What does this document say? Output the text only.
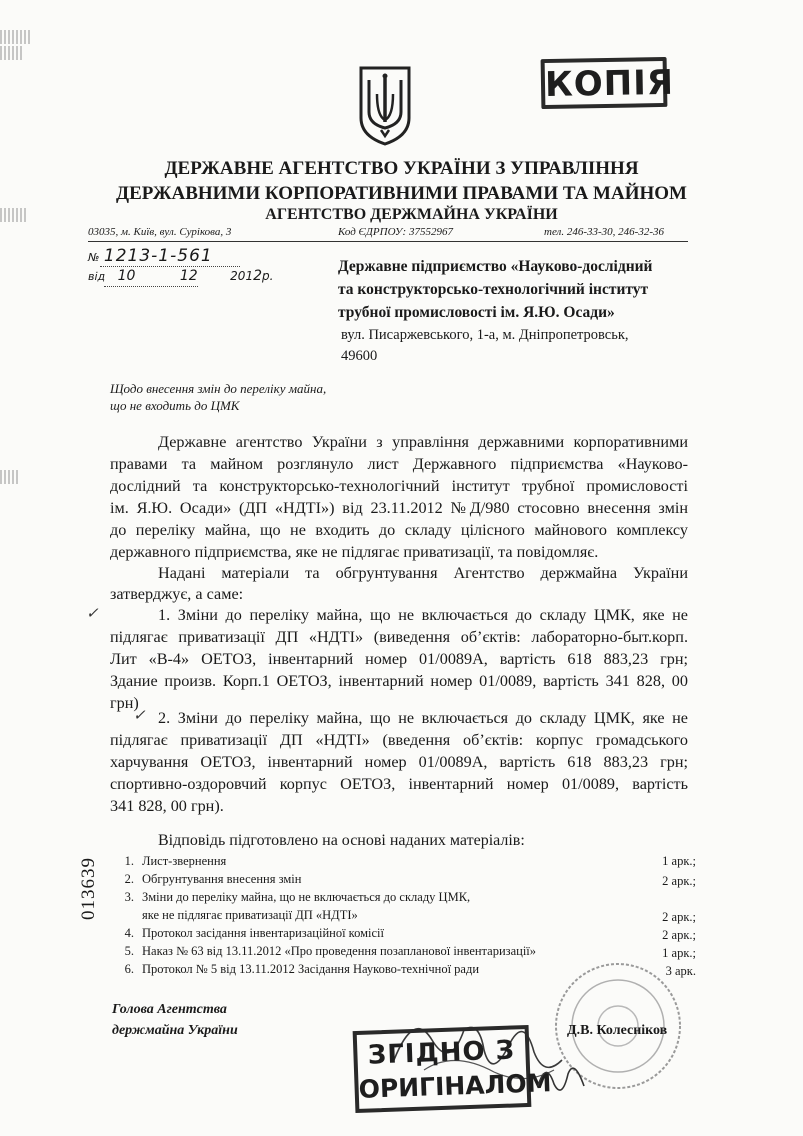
КОПІЯ
ДЕРЖАВНЕ АГЕНТСТВО УКРАЇНИ З УПРАВЛІННЯ
ДЕРЖАВНИМИ КОРПОРАТИВНИМИ ПРАВАМИ ТА МАЙНОМ
АГЕНТСТВО ДЕРЖМАЙНА УКРАЇНИ
03035, м. Київ, вул. Сурікова, 3	Код ЄДРПОУ: 37552967	тел. 246-33-30, 246-32-36
№ 1213-1-561
від 10	12	2012р.
Державне підприємство «Науково-дослідний
та конструкторсько-технологічний інститут
трубної промисловості ім. Я.Ю. Осади»
вул. Писаржевського, 1-а, м. Дніпропетровськ,
49600
Щодо внесення змін до переліку майна,
що не входить до ЦМК
Державне агентство України з управління державними корпоративними
правами та майном розглянуло лист Державного підприємства «Науково-
дослідний та конструкторсько-технологічний інститут трубної промисловості
ім. Я.Ю. Осади» (ДП «НДТІ») від 23.11.2012 №Д/980 стосовно внесення змін
до переліку майна, що не входить до складу цілісного майнового комплексу
державного підприємства, яке не підлягає приватизації, та повідомляє.
Надані матеріали та обгрунтування Агентство держмайна України
затверджує, а саме:
✓	1. Зміни до переліку майна, що не включається до складу ЦМК, яке не
підлягає приватизації ДП «НДТІ» (виведення об’єктів: лабораторно-быт.корп.
Лит «В-4» ОЕТОЗ, інвентарний номер 01/0089А, вартість 618 883,23 грн;
Здание произв. Корп.1 ОЕТОЗ, інвентарний номер 01/0089, вартість 341 828, 00
грн)
✓ 2. Зміни до переліку майна, що не включається до складу ЦМК, яке не
підлягає приватизації ДП «НДТІ» (введення об’єктів: корпус громадського
харчування ОЕТОЗ, інвентарний номер 01/0089А, вартість 618 883,23 грн;
спортивно-оздоровчий корпус ОЕТОЗ, інвентарний номер 01/0089, вартість
341 828, 00 грн).
Відповідь підготовлено на основі наданих матеріалів:
1. Лист-звернення	1 арк.;
2. Обгрунтування внесення змін	2 арк.;
3. Зміни до переліку майна, що не включається до складу ЦМК,
яке не підлягає приватизації ДП «НДТІ»	2 арк.;
4. Протокол засідання інвентаризаційної комісії	2 арк.;
5. Наказ № 63 від 13.11.2012 «Про проведення позапланової інвентаризації»	1 арк.;
6. Протокол № 5 від 13.11.2012 Засідання Науково-технічної ради	3 арк.
013639
Голова Агентства
держмайна України	Д.В. Колесніков
ЗГІДНО З
ОРИГІНАЛОМ
